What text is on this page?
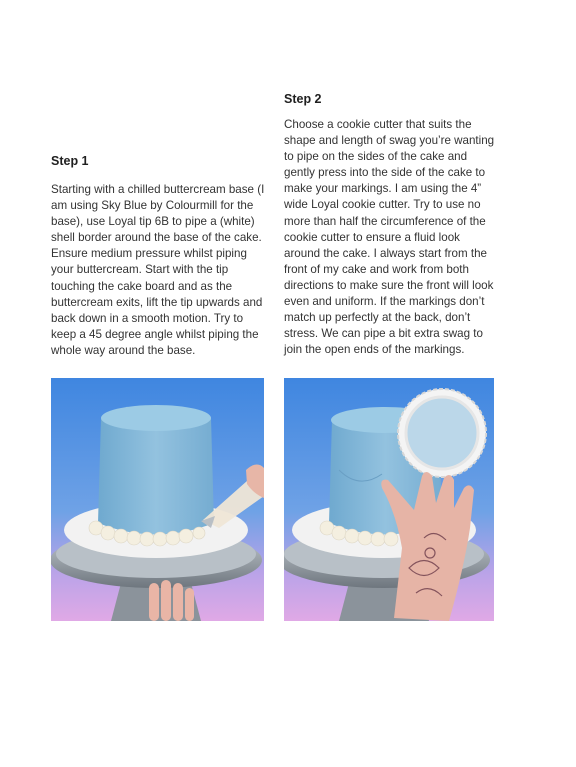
Step 1

Starting with a chilled buttercream base (I am using Sky Blue by Colourmill for the base), use Loyal tip 6B to pipe a (white) shell border around the base of the cake. Ensure medium pressure whilst piping your buttercream. Start with the tip touching the cake board and as the buttercream exits, lift the tip upwards and back down in a smooth motion. Try to keep a 45 degree angle whilst piping the whole way around the base.

Step 2

Choose a cookie cutter that suits the shape and length of swag you’re wanting to pipe on the sides of the cake and gently press into the side of the cake to make your markings. I am using the 4” wide Loyal cookie cutter. Try to use no more than half the circumference of the cookie cutter to ensure a fluid look around the cake. I always start from the front of my cake and work from both directions to make sure the front will look even and uniform. If the markings don’t match up perfectly at the back, don’t stress. We can pipe a bit extra swag to join the open ends of the markings.
